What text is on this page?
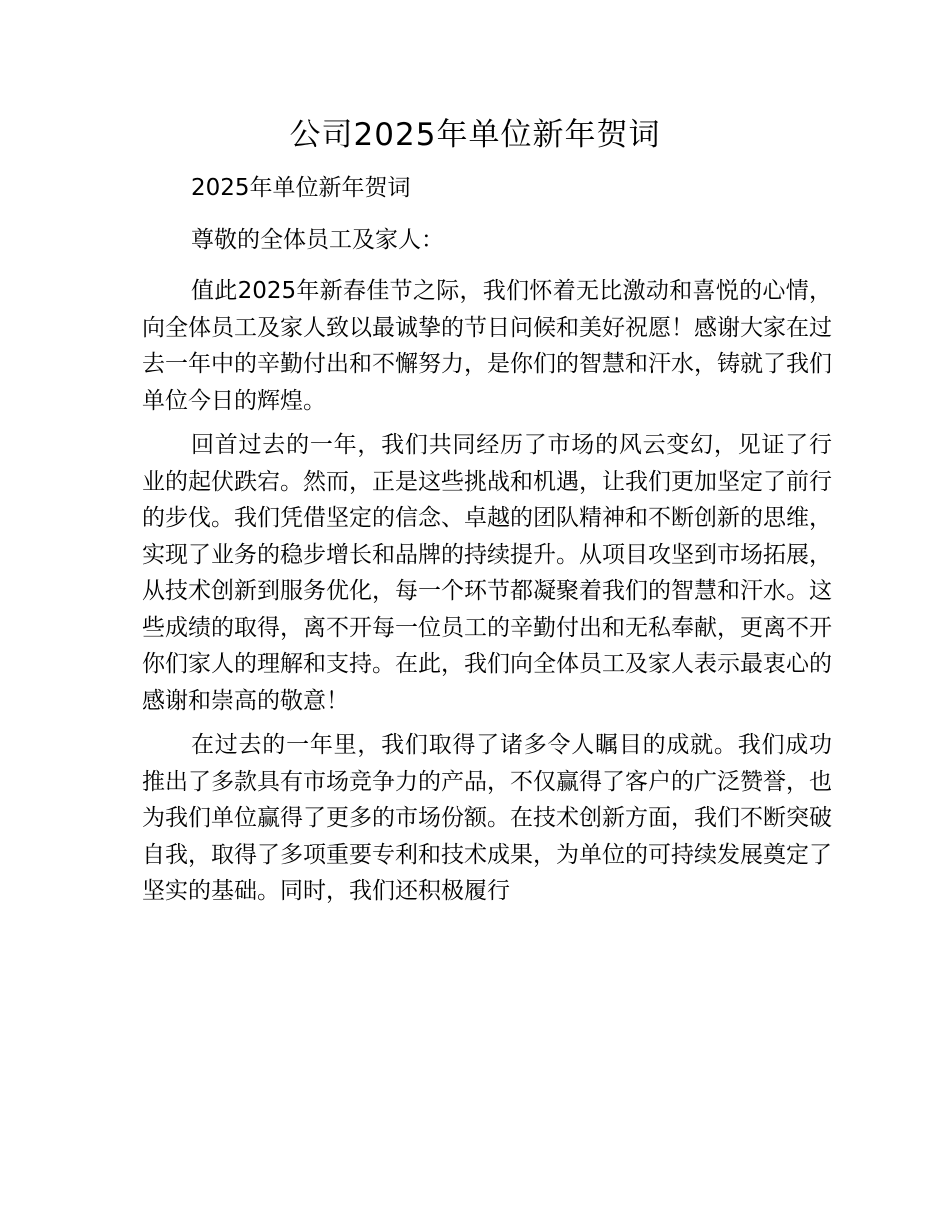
公司2025年单位新年贺词

2025年单位新年贺词

尊敬的全体员工及家人：

值此2025年新春佳节之际，我们怀着无比激动和喜悦的心情，向全体员工及家人致以最诚挚的节日问候和美好祝愿！感谢大家在过去一年中的辛勤付出和不懈努力，是你们的智慧和汗水，铸就了我们单位今日的辉煌。

回首过去的一年，我们共同经历了市场的风云变幻，见证了行业的起伏跌宕。然而，正是这些挑战和机遇，让我们更加坚定了前行的步伐。我们凭借坚定的信念、卓越的团队精神和不断创新的思维，实现了业务的稳步增长和品牌的持续提升。从项目攻坚到市场拓展，从技术创新到服务优化，每一个环节都凝聚着我们的智慧和汗水。这些成绩的取得，离不开每一位员工的辛勤付出和无私奉献，更离不开你们家人的理解和支持。在此，我们向全体员工及家人表示最衷心的感谢和崇高的敬意！

在过去的一年里，我们取得了诸多令人瞩目的成就。我们成功推出了多款具有市场竞争力的产品，不仅赢得了客户的广泛赞誉，也为我们单位赢得了更多的市场份额。在技术创新方面，我们不断突破自我，取得了多项重要专利和技术成果，为单位的可持续发展奠定了坚实的基础。同时，我们还积极履行
